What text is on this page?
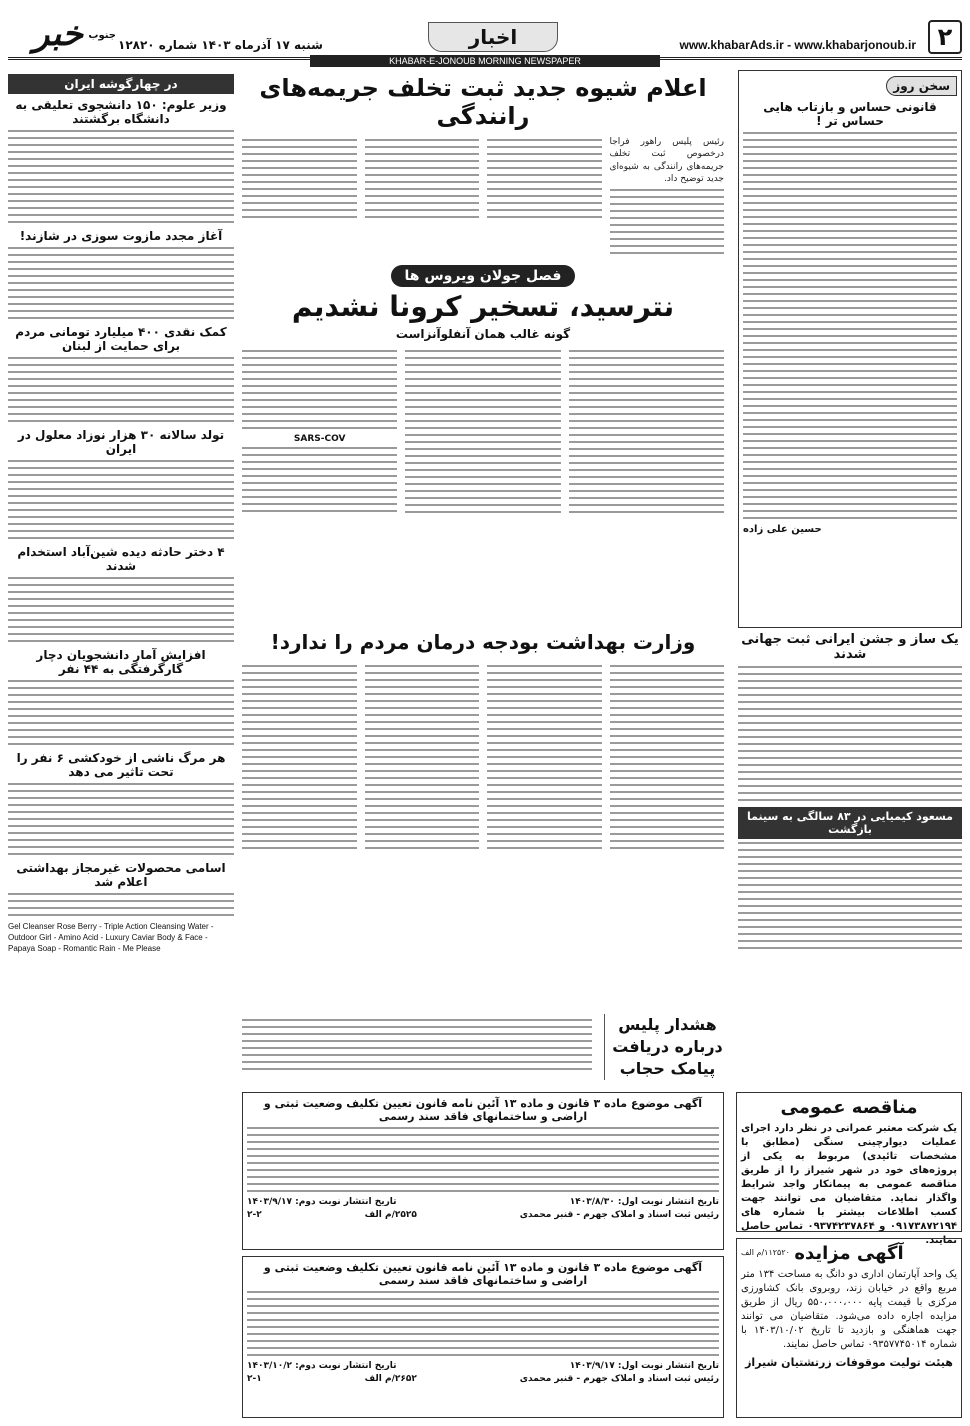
۲
www.khabarAds.ir - www.khabarjonoub.ir
اخبار
شنبه ۱۷ آذرماه ۱۴۰۳ شماره ۱۲۸۲۰
خبر جنوب
KHABAR-E-JONOUB MORNING NEWSPAPER
سخن روز
قانونی حساس و بازتاب هایی حساس تر !
حسین علی زاده
یک ساز و جشن ایرانی ثبت جهانی شدند
مسعود کیمیایی در ۸۳ سالگی به سینما بازگشت
در چهارگوشه ایران
وزیر علوم: ۱۵۰ دانشجوی تعلیقی به دانشگاه برگشتند
آغاز مجدد مازوت سوزی در شازند!
کمک نقدی ۴۰۰ میلیارد تومانی مردم برای حمایت از لبنان
تولد سالانه ۳۰ هزار نوزاد معلول در ایران
۴ دختر حادثه دیده شین‌آباد استخدام شدند
افزایش آمار دانشجویان دچار گارگرفتگی به ۴۴ نفر
هر مرگ ناشی از خودکشی ۶ نفر را تحت تاثیر می دهد
اسامی محصولات غیرمجاز بهداشتی اعلام شد
Gel Cleanser Rose Berry - Triple Action Cleansing Water - Outdoor Girl - Amino Acid - Luxury Caviar Body & Face - Papaya Soap - Romantic Rain - Me Please
اعلام شیوه جدید ثبت تخلف جریمه‌های رانندگی
رئیس پلیس راهور فراجا درخصوص ثبت تخلف جریمه‌های رانندگی به شیوه‌ای جدید توضیح داد.
فصل جولان ویروس ها
نترسید، تسخیر کرونا نشدیم
گونه غالب همان آنفلوآنزاست
SARS-COV
وزارت بهداشت بودجه درمان مردم را ندارد!
هشدار پلیس درباره دریافت پیامک حجاب
مناقصه عمومی
یک شرکت معتبر عمرانی در نظر دارد اجرای عملیات دیوارچینی سنگی (مطابق با مشخصات تائیدی) مربوط به یکی از پروژه‌های خود در شهر شیراز را از طریق مناقصه عمومی به پیمانکار واجد شرایط واگذار نماید. متقاضیان می توانند جهت کسب اطلاعات بیشتر با شماره های ۰۹۱۷۳۸۷۲۱۹۴ و ۰۹۳۷۴۲۳۷۸۶۴ تماس حاصل نمایند.
۱۱۲۵۲۰/م الف آگهی مزایده
یک واحد آپارتمان اداری دو دانگ به مساحت ۱۳۴ متر مربع واقع در خیابان زند، روبروی بانک کشاورزی مرکزی با قیمت پایه ۵۵۰،۰۰۰،۰۰۰ ریال از طریق مزایده اجاره داده می‌شود. متقاضیان می توانند جهت هماهنگی و بازدید تا تاریخ ۱۴۰۳/۱۰/۰۲ با شماره ۰۹۳۵۷۷۴۵۰۱۴ تماس حاصل نمایند.
هیئت تولیت موقوفات زرتشتیان شیراز
آگهی موضوع ماده ۳ قانون و ماده ۱۳ آئین نامه قانون تعیین تکلیف وضعیت ثبتی و اراضی و ساختمانهای فاقد سند رسمی
تاریخ انتشار نوبت اول: ۱۴۰۳/۸/۳۰
تاریخ انتشار نوبت دوم: ۱۴۰۳/۹/۱۷
رئیس ثبت اسناد و املاک جهرم - قنبر محمدی
۲۵۲۵/م الف
۲-۲
آگهی موضوع ماده ۳ قانون و ماده ۱۳ آئین نامه قانون تعیین تکلیف وضعیت ثبتی و اراضی و ساختمانهای فاقد سند رسمی
تاریخ انتشار نوبت اول: ۱۴۰۳/۹/۱۷
تاریخ انتشار نوبت دوم: ۱۴۰۳/۱۰/۲
رئیس ثبت اسناد و املاک جهرم - قنبر محمدی
۲۶۵۲/م الف
۲-۱
